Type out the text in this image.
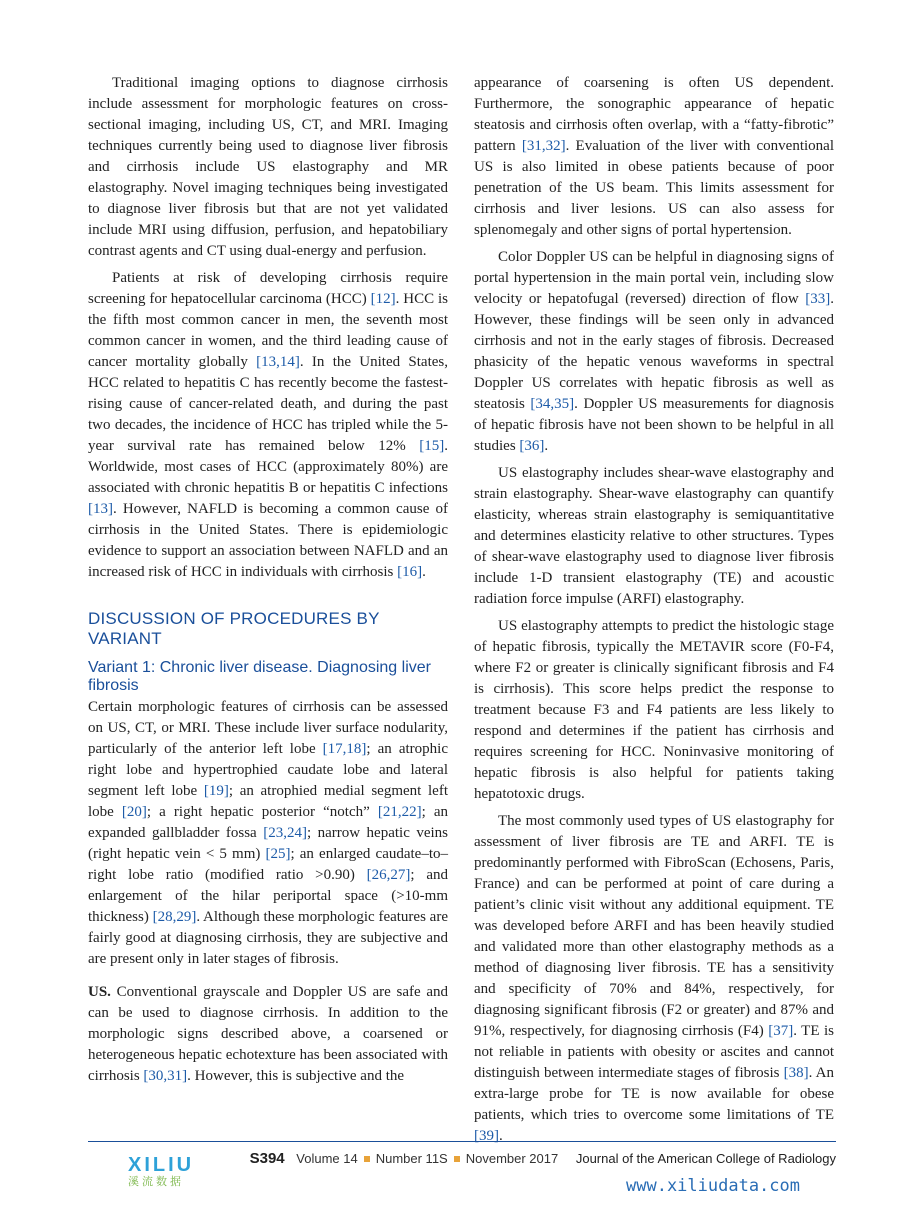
Traditional imaging options to diagnose cirrhosis include assessment for morphologic features on cross-sectional imaging, including US, CT, and MRI. Imaging techniques currently being used to diagnose liver fibrosis and cirrhosis include US elastography and MR elastography. Novel imaging techniques being investigated to diagnose liver fibrosis but that are not yet validated include MRI using diffusion, perfusion, and hepatobiliary contrast agents and CT using dual-energy and perfusion.

Patients at risk of developing cirrhosis require screening for hepatocellular carcinoma (HCC) [12]. HCC is the fifth most common cancer in men, the seventh most common cancer in women, and the third leading cause of cancer mortality globally [13,14]. In the United States, HCC related to hepatitis C has recently become the fastest-rising cause of cancer-related death, and during the past two decades, the incidence of HCC has tripled while the 5-year survival rate has remained below 12% [15]. Worldwide, most cases of HCC (approximately 80%) are associated with chronic hepatitis B or hepatitis C infections [13]. However, NAFLD is becoming a common cause of cirrhosis in the United States. There is epidemiologic evidence to support an association between NAFLD and an increased risk of HCC in individuals with cirrhosis [16].

DISCUSSION OF PROCEDURES BY VARIANT
Variant 1: Chronic liver disease. Diagnosing liver fibrosis

Certain morphologic features of cirrhosis can be assessed on US, CT, or MRI. These include liver surface nodularity, particularly of the anterior left lobe [17,18]; an atrophic right lobe and hypertrophied caudate lobe and lateral segment left lobe [19]; an atrophied medial segment left lobe [20]; a right hepatic posterior “notch” [21,22]; an expanded gallbladder fossa [23,24]; narrow hepatic veins (right hepatic vein < 5 mm) [25]; an enlarged caudate–to–right lobe ratio (modified ratio >0.90) [26,27]; and enlargement of the hilar periportal space (>10-mm thickness) [28,29]. Although these morphologic features are fairly good at diagnosing cirrhosis, they are subjective and are present only in later stages of fibrosis.

US. Conventional grayscale and Doppler US are safe and can be used to diagnose cirrhosis. In addition to the morphologic signs described above, a coarsened or heterogeneous hepatic echotexture has been associated with cirrhosis [30,31]. However, this is subjective and the

appearance of coarsening is often US dependent. Furthermore, the sonographic appearance of hepatic steatosis and cirrhosis often overlap, with a “fatty-fibrotic” pattern [31,32]. Evaluation of the liver with conventional US is also limited in obese patients because of poor penetration of the US beam. This limits assessment for cirrhosis and liver lesions. US can also assess for splenomegaly and other signs of portal hypertension.

Color Doppler US can be helpful in diagnosing signs of portal hypertension in the main portal vein, including slow velocity or hepatofugal (reversed) direction of flow [33]. However, these findings will be seen only in advanced cirrhosis and not in the early stages of fibrosis. Decreased phasicity of the hepatic venous waveforms in spectral Doppler US correlates with hepatic fibrosis as well as steatosis [34,35]. Doppler US measurements for diagnosis of hepatic fibrosis have not been shown to be helpful in all studies [36].

US elastography includes shear-wave elastography and strain elastography. Shear-wave elastography can quantify elasticity, whereas strain elastography is semiquantitative and determines elasticity relative to other structures. Types of shear-wave elastography used to diagnose liver fibrosis include 1-D transient elastography (TE) and acoustic radiation force impulse (ARFI) elastography.

US elastography attempts to predict the histologic stage of hepatic fibrosis, typically the METAVIR score (F0-F4, where F2 or greater is clinically significant fibrosis and F4 is cirrhosis). This score helps predict the response to treatment because F3 and F4 patients are less likely to respond and determines if the patient has cirrhosis and requires screening for HCC. Noninvasive monitoring of hepatic fibrosis is also helpful for patients taking hepatotoxic drugs.

The most commonly used types of US elastography for assessment of liver fibrosis are TE and ARFI. TE is predominantly performed with FibroScan (Echosens, Paris, France) and can be performed at point of care during a patient’s clinic visit without any additional equipment. TE was developed before ARFI and has been heavily studied and validated more than other elastography methods as a method of diagnosing liver fibrosis. TE has a sensitivity and specificity of 70% and 84%, respectively, for diagnosing significant fibrosis (F2 or greater) and 87% and 91%, respectively, for diagnosing cirrhosis (F4) [37]. TE is not reliable in patients with obesity or ascites and cannot distinguish between intermediate stages of fibrosis [38]. An extra-large probe for TE is now available for obese patients, which tries to overcome some limitations of TE [39].

XILIU
溪流数据
S394 Volume 14 Number 11S November 2017 Journal of the American College of Radiology
www.xiliudata.com
